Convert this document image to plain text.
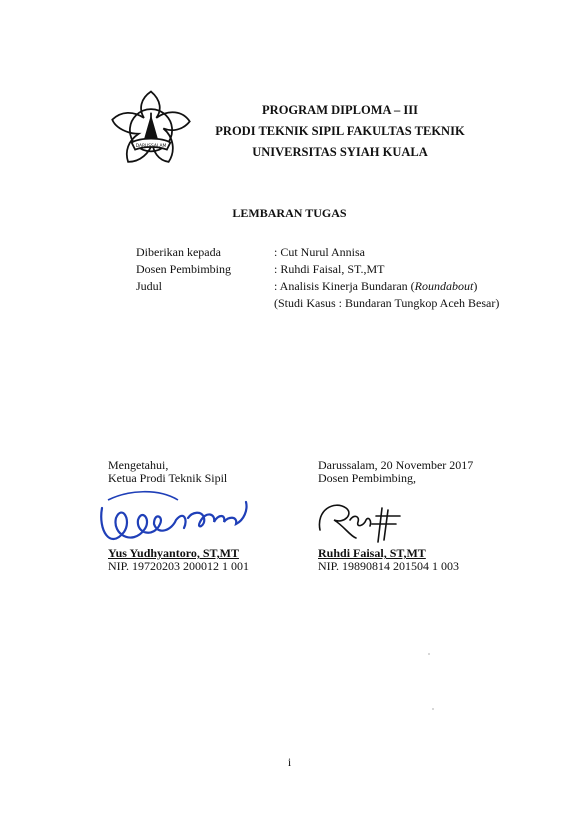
DARUSSALAM
PROGRAM DIPLOMA – III
PRODI TEKNIK SIPIL FAKULTAS TEKNIK
UNIVERSITAS SYIAH KUALA
LEMBARAN TUGAS
Diberikan kepada	: Cut Nurul Annisa
Dosen Pembimbing	: Ruhdi Faisal, ST.,MT
Judul	: Analisis Kinerja Bundaran (Roundabout)
(Studi Kasus : Bundaran Tungkop Aceh Besar)
Mengetahui,
Ketua Prodi Teknik Sipil
Yus Yudhyantoro, ST,MT
NIP. 19720203 200012 1 001
Darussalam, 20 November 2017
Dosen Pembimbing,
Ruhdi Faisal, ST,MT
NIP. 19890814 201504 1 003
i
